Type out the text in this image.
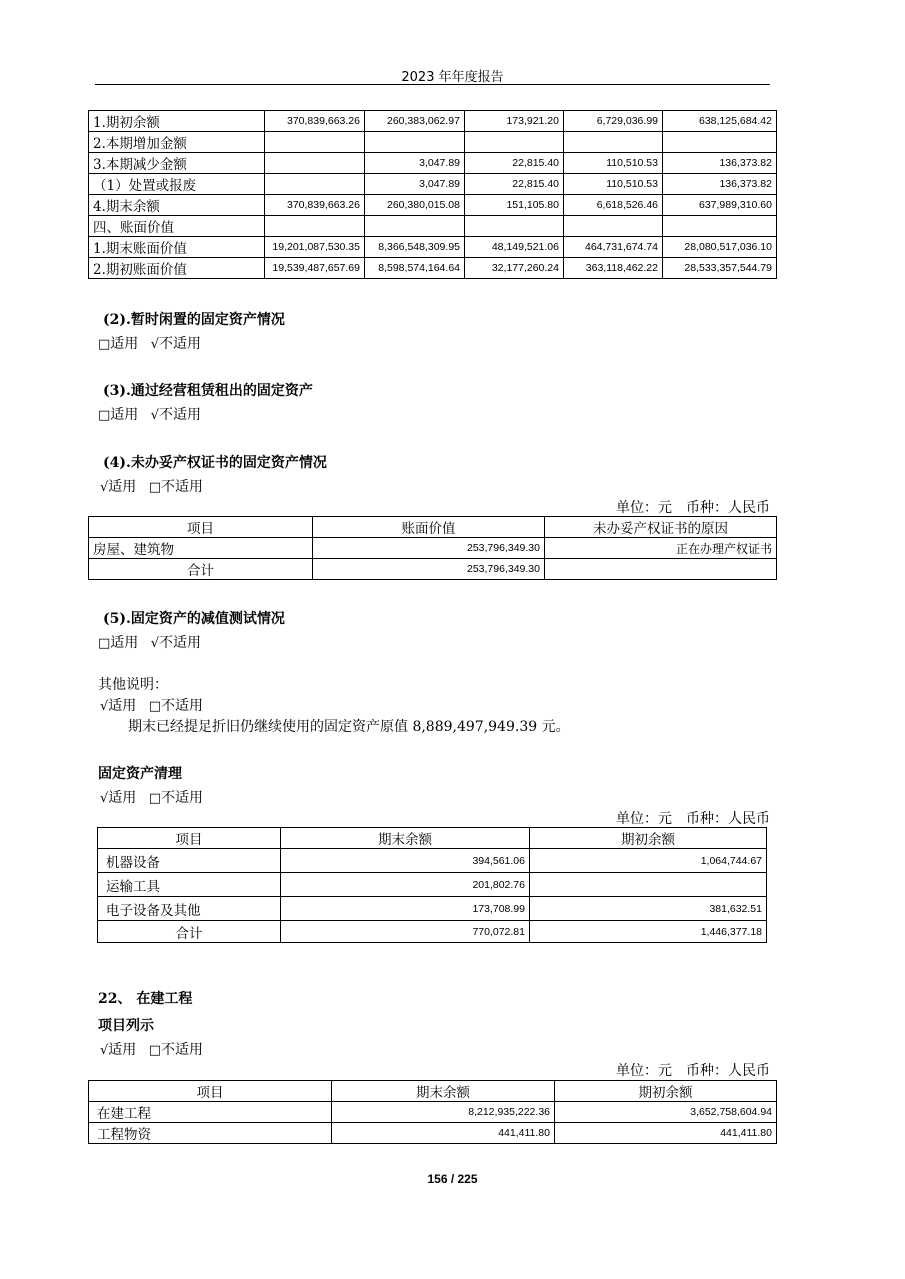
2023 年年度报告
1.期初余额	370,839,663.26	260,383,062.97	173,921.20	6,729,036.99	638,125,684.42
2.本期增加金额					
3.本期减少金额		3,047.89	22,815.40	110,510.53	136,373.82
（1）处置或报废		3,047.89	22,815.40	110,510.53	136,373.82
4.期末余额	370,839,663.26	260,380,015.08	151,105.80	6,618,526.46	637,989,310.60
四、账面价值					
1.期末账面价值	19,201,087,530.35	8,366,548,309.95	48,149,521.06	464,731,674.74	28,080,517,036.10
2.期初账面价值	19,539,487,657.69	8,598,574,164.64	32,177,260.24	363,118,462.22	28,533,357,544.79
(2).暂时闲置的固定资产情况
□适用 √不适用
(3).通过经营租赁租出的固定资产
□适用 √不适用
(4).未办妥产权证书的固定资产情况
√适用 □不适用
单位：元　币种：人民币
项目	账面价值	未办妥产权证书的原因
房屋、建筑物	253,796,349.30	正在办理产权证书
合计	253,796,349.30	
(5).固定资产的减值测试情况
□适用 √不适用
其他说明：
√适用 □不适用
期末已经提足折旧仍继续使用的固定资产原值 8,889,497,949.39 元。
固定资产清理
√适用 □不适用
单位：元　币种：人民币
项目	期末余额	期初余额
机器设备	394,561.06	1,064,744.67
运输工具	201,802.76	
电子设备及其他	173,708.99	381,632.51
合计	770,072.81	1,446,377.18
22、 在建工程
项目列示
√适用 □不适用
单位：元　币种：人民币
项目	期末余额	期初余额
在建工程	8,212,935,222.36	3,652,758,604.94
工程物资	441,411.80	441,411.80
156 / 225
